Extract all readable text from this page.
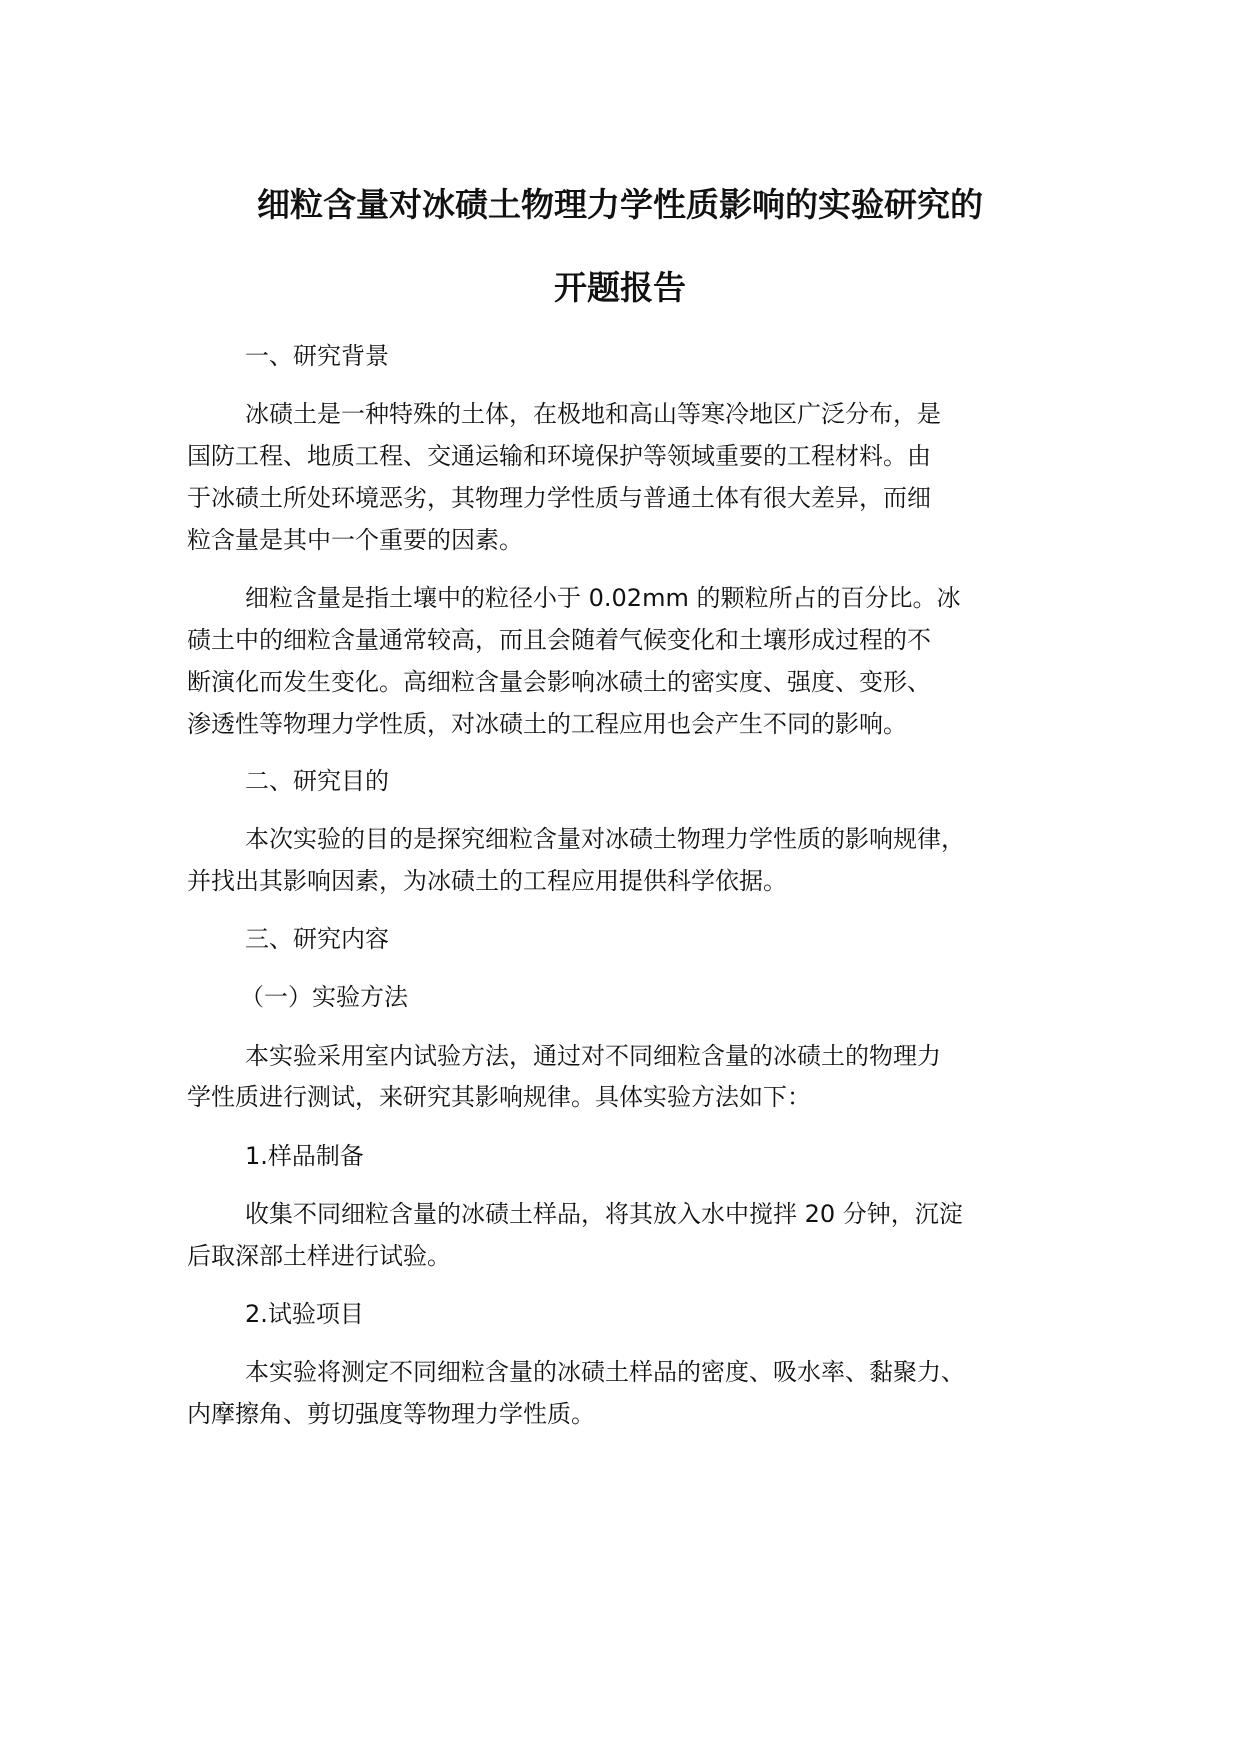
细粒含量对冰碛土物理力学性质影响的实验研究的
开题报告

一、研究背景

冰碛土是一种特殊的土体，在极地和高山等寒冷地区广泛分布，是

国防工程、地质工程、交通运输和环境保护等领域重要的工程材料。由

于冰碛土所处环境恶劣，其物理力学性质与普通土体有很大差异，而细

粒含量是其中一个重要的因素。

细粒含量是指土壤中的粒径小于 0.02mm 的颗粒所占的百分比。冰

碛土中的细粒含量通常较高，而且会随着气候变化和土壤形成过程的不

断演化而发生变化。高细粒含量会影响冰碛土的密实度、强度、变形、

渗透性等物理力学性质，对冰碛土的工程应用也会产生不同的影响。

二、研究目的

本次实验的目的是探究细粒含量对冰碛土物理力学性质的影响规律，

并找出其影响因素，为冰碛土的工程应用提供科学依据。

三、研究内容

（一）实验方法

本实验采用室内试验方法，通过对不同细粒含量的冰碛土的物理力

学性质进行测试，来研究其影响规律。具体实验方法如下：

1.样品制备

收集不同细粒含量的冰碛土样品，将其放入水中搅拌 20 分钟，沉淀

后取深部土样进行试验。

2.试验项目

本实验将测定不同细粒含量的冰碛土样品的密度、吸水率、黏聚力、

内摩擦角、剪切强度等物理力学性质。
